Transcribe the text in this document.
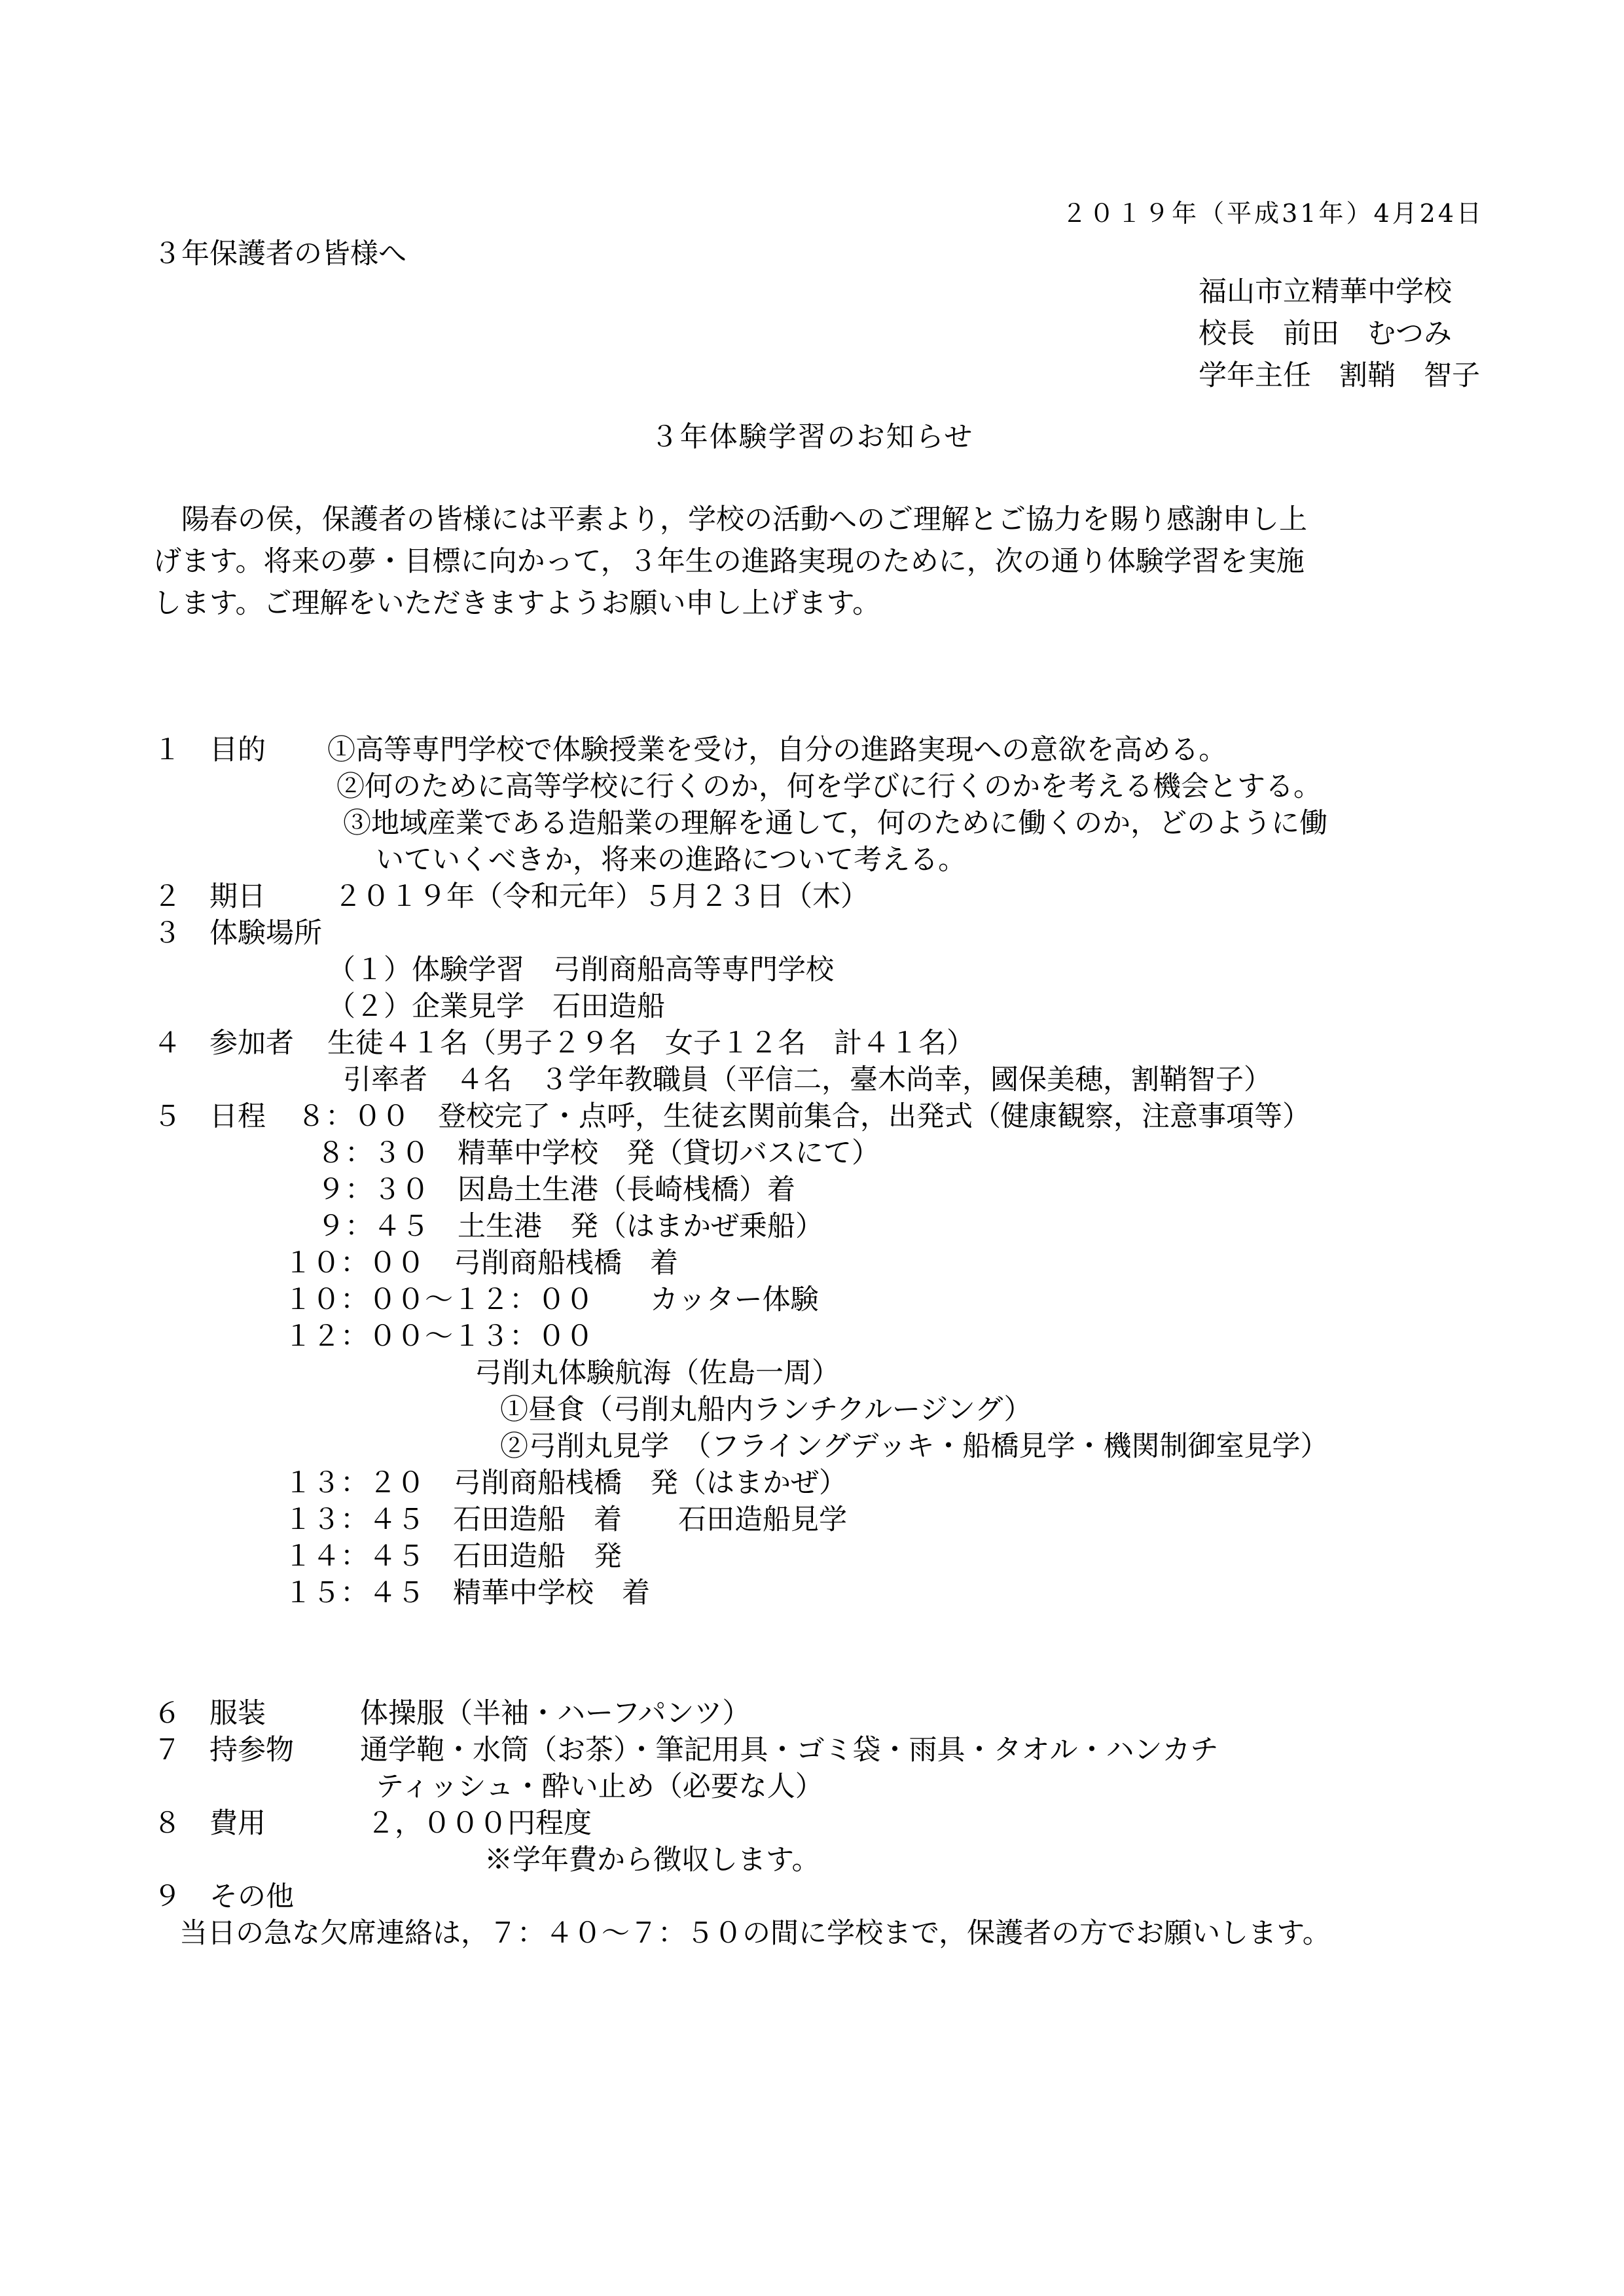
２０１９年（平成31年）4月24日
３年保護者の皆様へ
福山市立精華中学校
校長　前田　むつみ
学年主任　割鞘　智子
３年体験学習のお知らせ
　陽春の侯，保護者の皆様には平素より，学校の活動へのご理解とご協力を賜り感謝申し上
げます。将来の夢・目標に向かって，３年生の進路実現のために，次の通り体験学習を実施
します。ご理解をいただきますようお願い申し上げます。
１　目的 ①高等専門学校で体験授業を受け，自分の進路実現への意欲を高める。
②何のために高等学校に行くのか，何を学びに行くのかを考える機会とする。
③地域産業である造船業の理解を通して，何のために働くのか，どのように働
いていくべきか，将来の進路について考える。
２　期日 ２０１９年（令和元年）５月２３日（木）
３　体験場所
（１）体験学習　弓削商船高等専門学校
（２）企業見学　石田造船
４　参加者 生徒４１名（男子２９名　女子１２名　計４１名）
引率者　４名　３学年教職員（平信二，臺木尚幸，國保美穂，割鞘智子）
５　日程 ８：００　登校完了・点呼，生徒玄関前集合，出発式（健康観察，注意事項等）
８：３０　精華中学校　発（貸切バスにて）
９：３０　因島土生港（長崎桟橋）着
９：４５　土生港　発（はまかぜ乗船）
１０：００　弓削商船桟橋　着
１０：００～１２：００　　カッター体験
１２：００～１３：００
弓削丸体験航海（佐島一周）
①昼食（弓削丸船内ランチクルージング）
②弓削丸見学　（フライングデッキ・船橋見学・機関制御室見学）
１３：２０　弓削商船桟橋　発（はまかぜ）
１３：４５　石田造船　着　　石田造船見学
１４：４５　石田造船　発
１５：４５　精華中学校　着
６　服装	体操服（半袖・ハーフパンツ）
７　持参物 通学鞄・水筒（お茶）・筆記用具・ゴミ袋・雨具・タオル・ハンカチ
ティッシュ・酔い止め（必要な人）
８　費用	２，０００円程度
※学年費から徴収します。
９　その他
当日の急な欠席連絡は，７：４０～７：５０の間に学校まで，保護者の方でお願いします。
